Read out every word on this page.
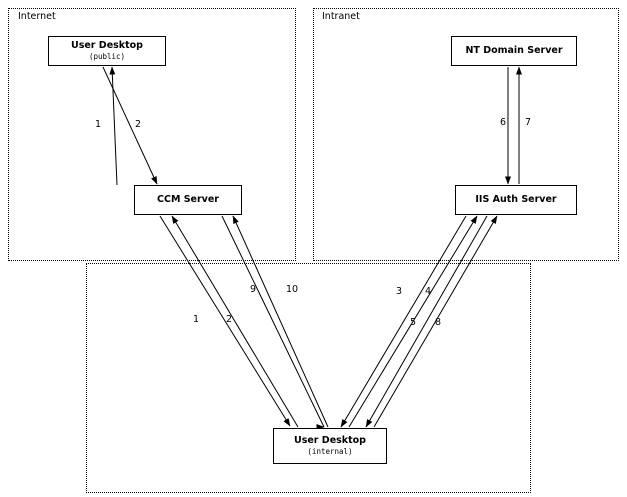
Internet	Intranet
User Desktop
(public)
CCM Server
NT Domain Server
IIS Auth Server
User Desktop
(internal)
1	2	6 7
9	10	3 4
1	2	5 8
